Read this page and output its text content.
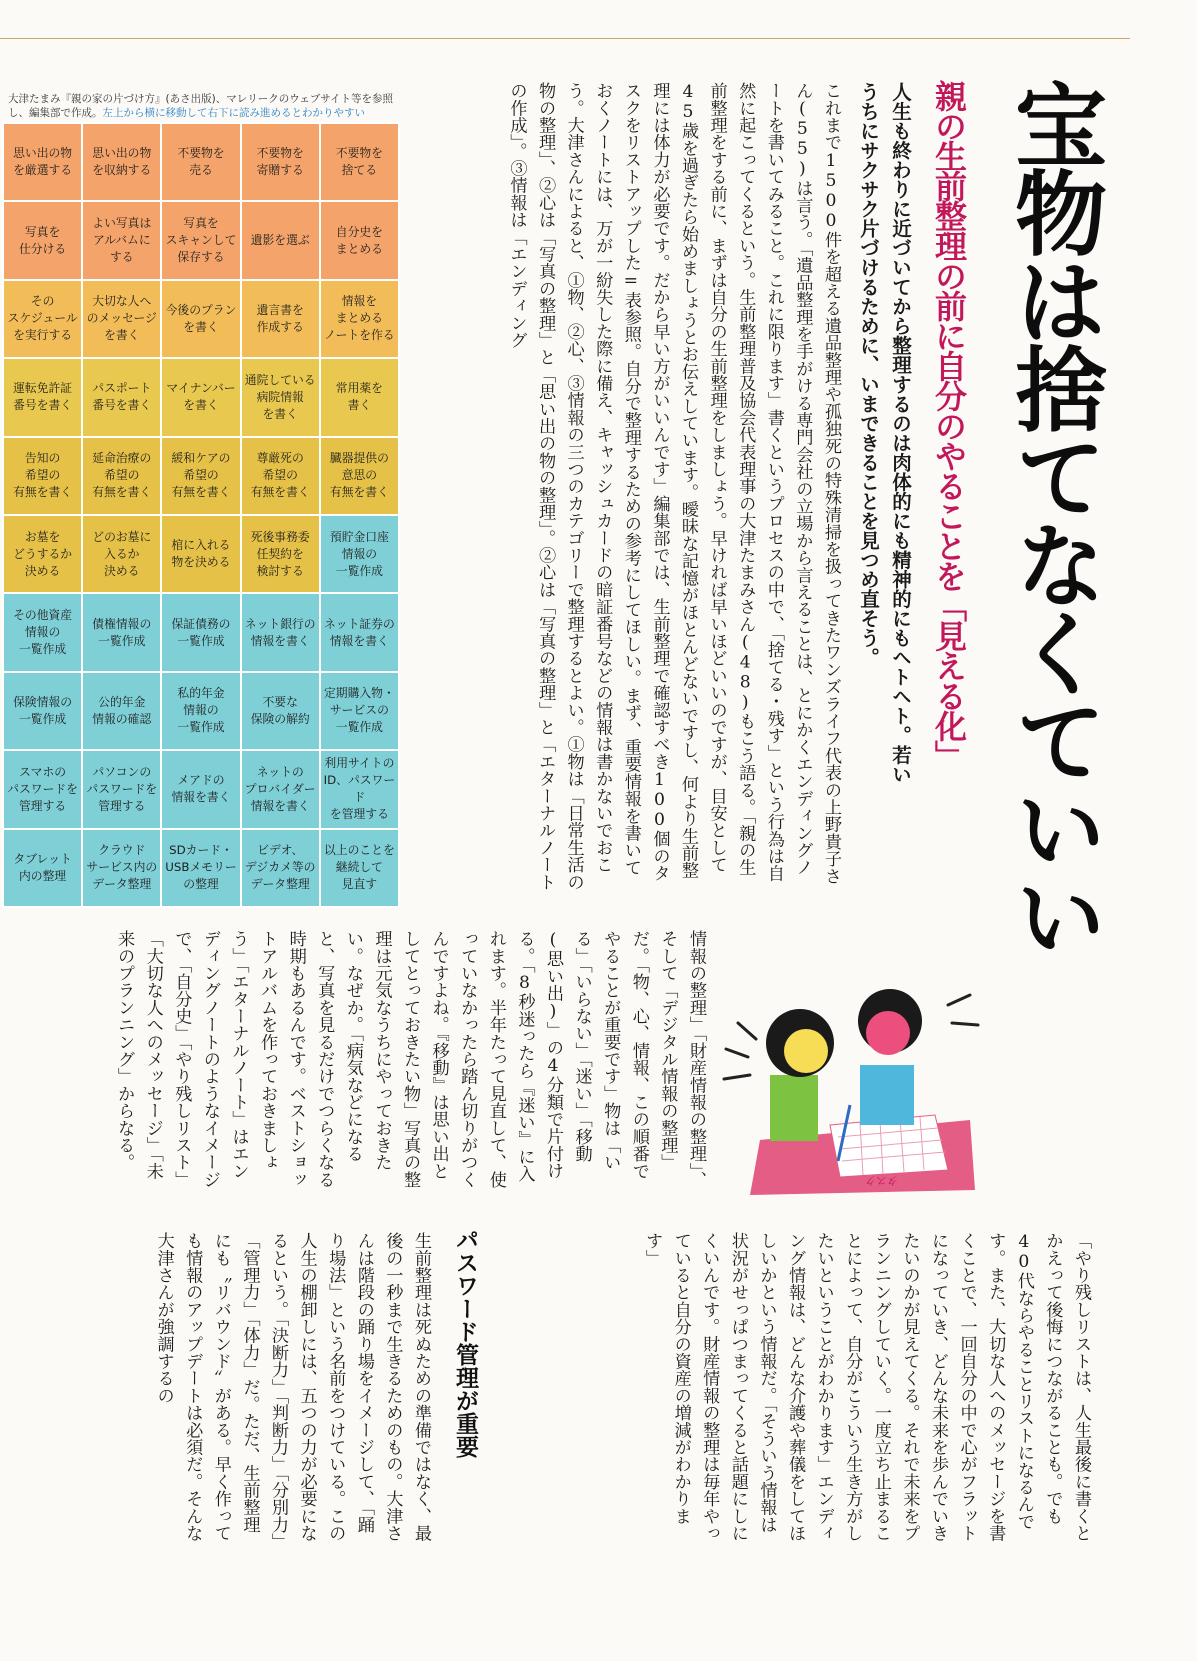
宝物は捨てなくていい
親の生前整理の前に自分のやることを「見える化」
人生も終わりに近づいてから整理するのは肉体的にも精神的にもヘトヘト。若いうちにサクサク片づけるために、いまできることを見つめ直そう。

これまで1500件を超える遺品整理や孤独死の特殊清掃を扱ってきたワンズライフ代表の上野貴子さん(55)は言う。「遺品整理を手がける専門会社の立場から言えることは、とにかくエンディングノートを書いてみること。これに限ります」書くというプロセスの中で、「捨てる・残す」という行為は自然に起こってくるという。生前整理普及協会代表理事の大津たまみさん(48)もこう語る。「親の生前整理をする前に、まずは自分の生前整理をしましょう。早ければ早いほどいいのですが、目安として45歳を過ぎたら始めましょうとお伝えしています。曖昧な記憶がほとんどないですし、何より生前整理には体力が必要です。だから早い方がいいんです」編集部では、生前整理で確認すべき100個のタスクをリストアップした=表参照。自分で整理するための参考にしてほしい。まず、重要情報を書いておくノートには、万が一紛失した際に備え、キャッシュカードの暗証番号などの情報は書かないでおこう。大津さんによると、①物、②心、③情報の三つのカテゴリーで整理するとよい。①物は「日常生活の物の整理」、②心は「写真の整理」と「思い出の物の整理」。②心は「写真の整理」と「エターナルノートの作成」。③情報は「エンディング

大津たまみ『親の家の片づけ方』(あさ出版)、マレリークのウェブサイト等を参照し、編集部で作成。左上から横に移動して右下に読み進めるとわかりやすい
思い出の物
を厳選する
思い出の物
を収納する
不要物を
売る
不要物を
寄贈する
不要物を
捨てる
写真を
仕分ける
よい写真は
アルバムに
する
写真を
スキャンして
保存する
遺影を選ぶ
自分史を
まとめる
その
スケジュール
を実行する
大切な人へ
のメッセージ
を書く
今後のプラン
を書く
遺言書を
作成する
情報を
まとめる
ノートを作る
運転免許証
番号を書く
パスポート
番号を書く
マイナンバー
を書く
通院している
病院情報
を書く
常用薬を
書く
告知の
希望の
有無を書く
延命治療の
希望の
有無を書く
緩和ケアの
希望の
有無を書く
尊厳死の
希望の
有無を書く
臓器提供の
意思の
有無を書く
お墓を
どうするか
決める
どのお墓に
入るか
決める
棺に入れる
物を決める
死後事務委
任契約を
検討する
預貯金口座
情報の
一覧作成
その他資産
情報の
一覧作成
債権情報の
一覧作成
保証債務の
一覧作成
ネット銀行の
情報を書く
ネット証券の
情報を書く
保険情報の
一覧作成
公的年金
情報の確認
私的年金
情報の
一覧作成
不要な
保険の解約
定期購入物・
サービスの
一覧作成
スマホの
パスワードを
管理する
パソコンの
パスワードを
管理する
メアドの
情報を書く
ネットの
プロバイダー
情報を書く
利用サイトの
ID、パスワード
を管理する
タブレット
内の整理
クラウド
サービス内の
データ整理
SDカード・
USBメモリー
の整理
ビデオ、
デジカメ等の
データ整理
以上のことを
継続して
見直す

情報の整理」「財産情報の整理」、そして「デジタル情報の整理」だ。「物、心、情報、この順番でやることが重要です」物は「いる」「いらない」「迷い」「移動(思い出)」の4分類で片付ける。「8秒迷ったら『迷い』に入れます。半年たって見直して、使っていなかったら踏ん切りがつくんですよね。『移動』は思い出としてとっておきたい物」写真の整理は元気なうちにやっておきたい。なぜか。「病気などになると、写真を見るだけでつらくなる時期もあるんです。ベストショットアルバムを作っておきましょう」「エターナルノート」はエンディングノートのようなイメージで、「自分史」「やり残しリスト」「大切な人へのメッセージ」「未来のプランニング」からなる。

タスク

「やり残しリストは、人生最後に書くとかえって後悔につながることも。でも40代ならやることリストになるんです。また、大切な人へのメッセージを書くことで、一回自分の中で心がフラットになっていき、どんな未来を歩んでいきたいのかが見えてくる。それで未来をプランニングしていく。一度立ち止まることによって、自分がこういう生き方がしたいということがわかります」エンディング情報は、どんな介護や葬儀をしてほしいかという情報だ。「そういう情報は状況がせっぱつまってくると話題にしにくいんです。財産情報の整理は毎年やっていると自分の資産の増減がわかります」

パスワード管理が重要

生前整理は死ぬための準備ではなく、最後の一秒まで生きるためのもの。大津さんは階段の踊り場をイメージして、「踊り場法」という名前をつけている。この人生の棚卸しには、五つの力が必要になるという。「決断力」「判断力」「分別力」「管理力」「体力」だ。ただ、生前整理にも〝リバウンド〟がある。早く作っても情報のアップデートは必須だ。そんな大津さんが強調するの
